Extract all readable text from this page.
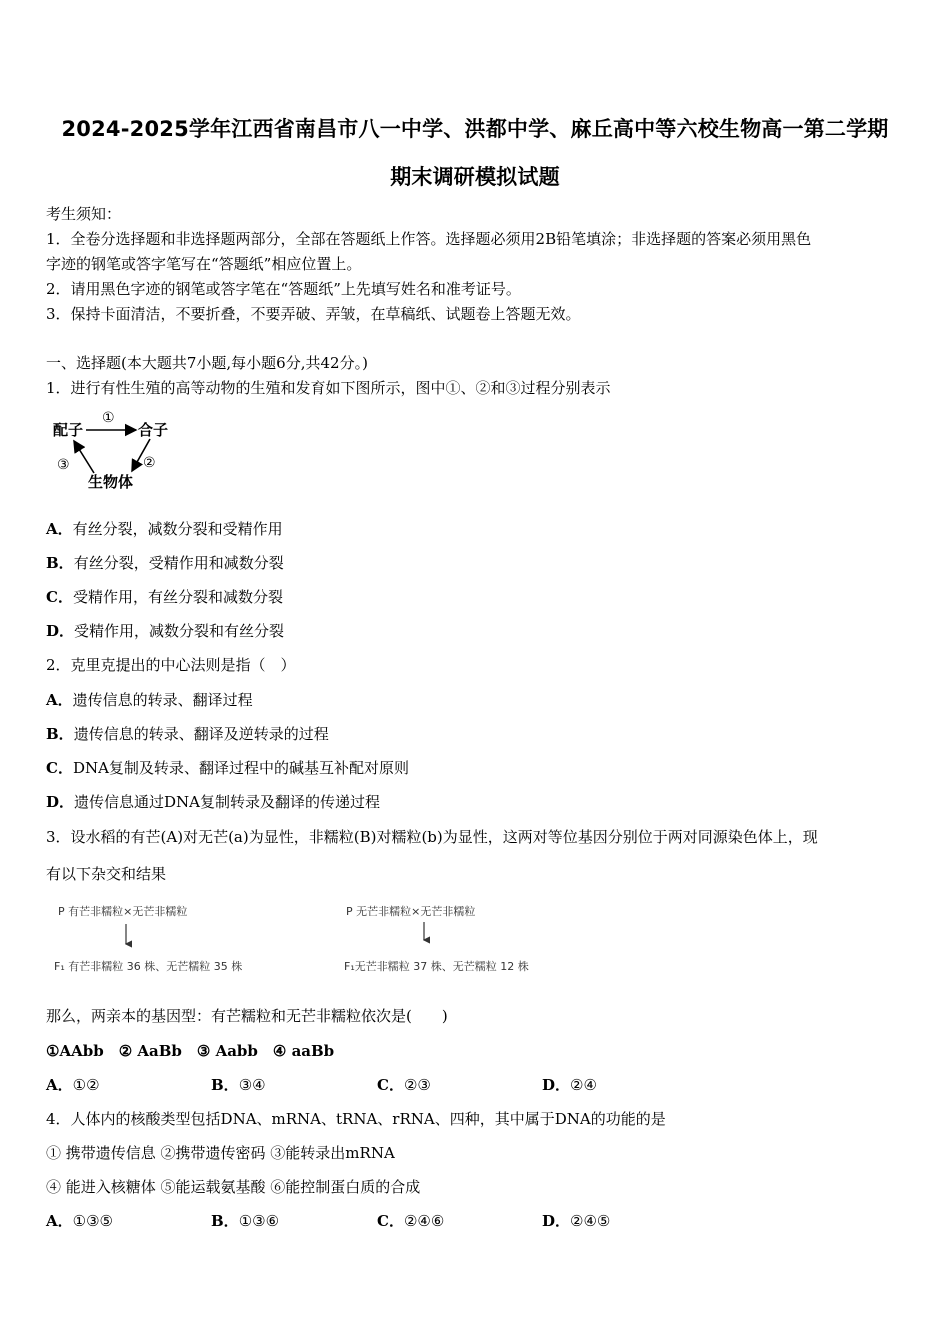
2024-2025学年江西省南昌市八一中学、洪都中学、麻丘高中等六校生物高一第二学期
期末调研模拟试题
考生须知：
1．全卷分选择题和非选择题两部分，全部在答题纸上作答。选择题必须用2B铅笔填涂；非选择题的答案必须用黑色
字迹的钢笔或答字笔写在“答题纸”相应位置上。
2．请用黑色字迹的钢笔或答字笔在“答题纸”上先填写姓名和准考证号。
3．保持卡面清洁，不要折叠，不要弄破、弄皱，在草稿纸、试题卷上答题无效。
一、选择题(本大题共7小题,每小题6分,共42分。)
1．进行有性生殖的高等动物的生殖和发育如下图所示，图中①、②和③过程分别表示
配子	合子
生物体
①
②
③
A．有丝分裂，减数分裂和受精作用
B．有丝分裂，受精作用和减数分裂
C．受精作用，有丝分裂和减数分裂
D．受精作用，减数分裂和有丝分裂
2．克里克提出的中心法则是指（　）
A．遗传信息的转录、翻译过程
B．遗传信息的转录、翻译及逆转录的过程
C．DNA复制及转录、翻译过程中的碱基互补配对原则
D．遗传信息通过DNA复制转录及翻译的传递过程
3．设水稻的有芒(A)对无芒(a)为显性，非糯粒(B)对糯粒(b)为显性，这两对等位基因分别位于两对同源染色体上，现
有以下杂交和结果
P 有芒非糯粒×无芒非糯粒
F₁ 有芒非糯粒 36 株、无芒糯粒 35 株
P 无芒非糯粒×无芒非糯粒
F₁无芒非糯粒 37 株、无芒糯粒 12 株
那么，两亲本的基因型：有芒糯粒和无芒非糯粒依次是(　　)
①AAbb　② AaBb　③ Aabb　④ aaBb
A．①②	B．③④	C．②③	D．②④
4．人体内的核酸类型包括DNA、mRNA、tRNA、rRNA、四种，其中属于DNA的功能的是
① 携带遗传信息 ②携带遗传密码 ③能转录出mRNA
④ 能进入核糖体 ⑤能运载氨基酸 ⑥能控制蛋白质的合成
A．①③⑤	B．①③⑥	C．②④⑥	D．②④⑤
